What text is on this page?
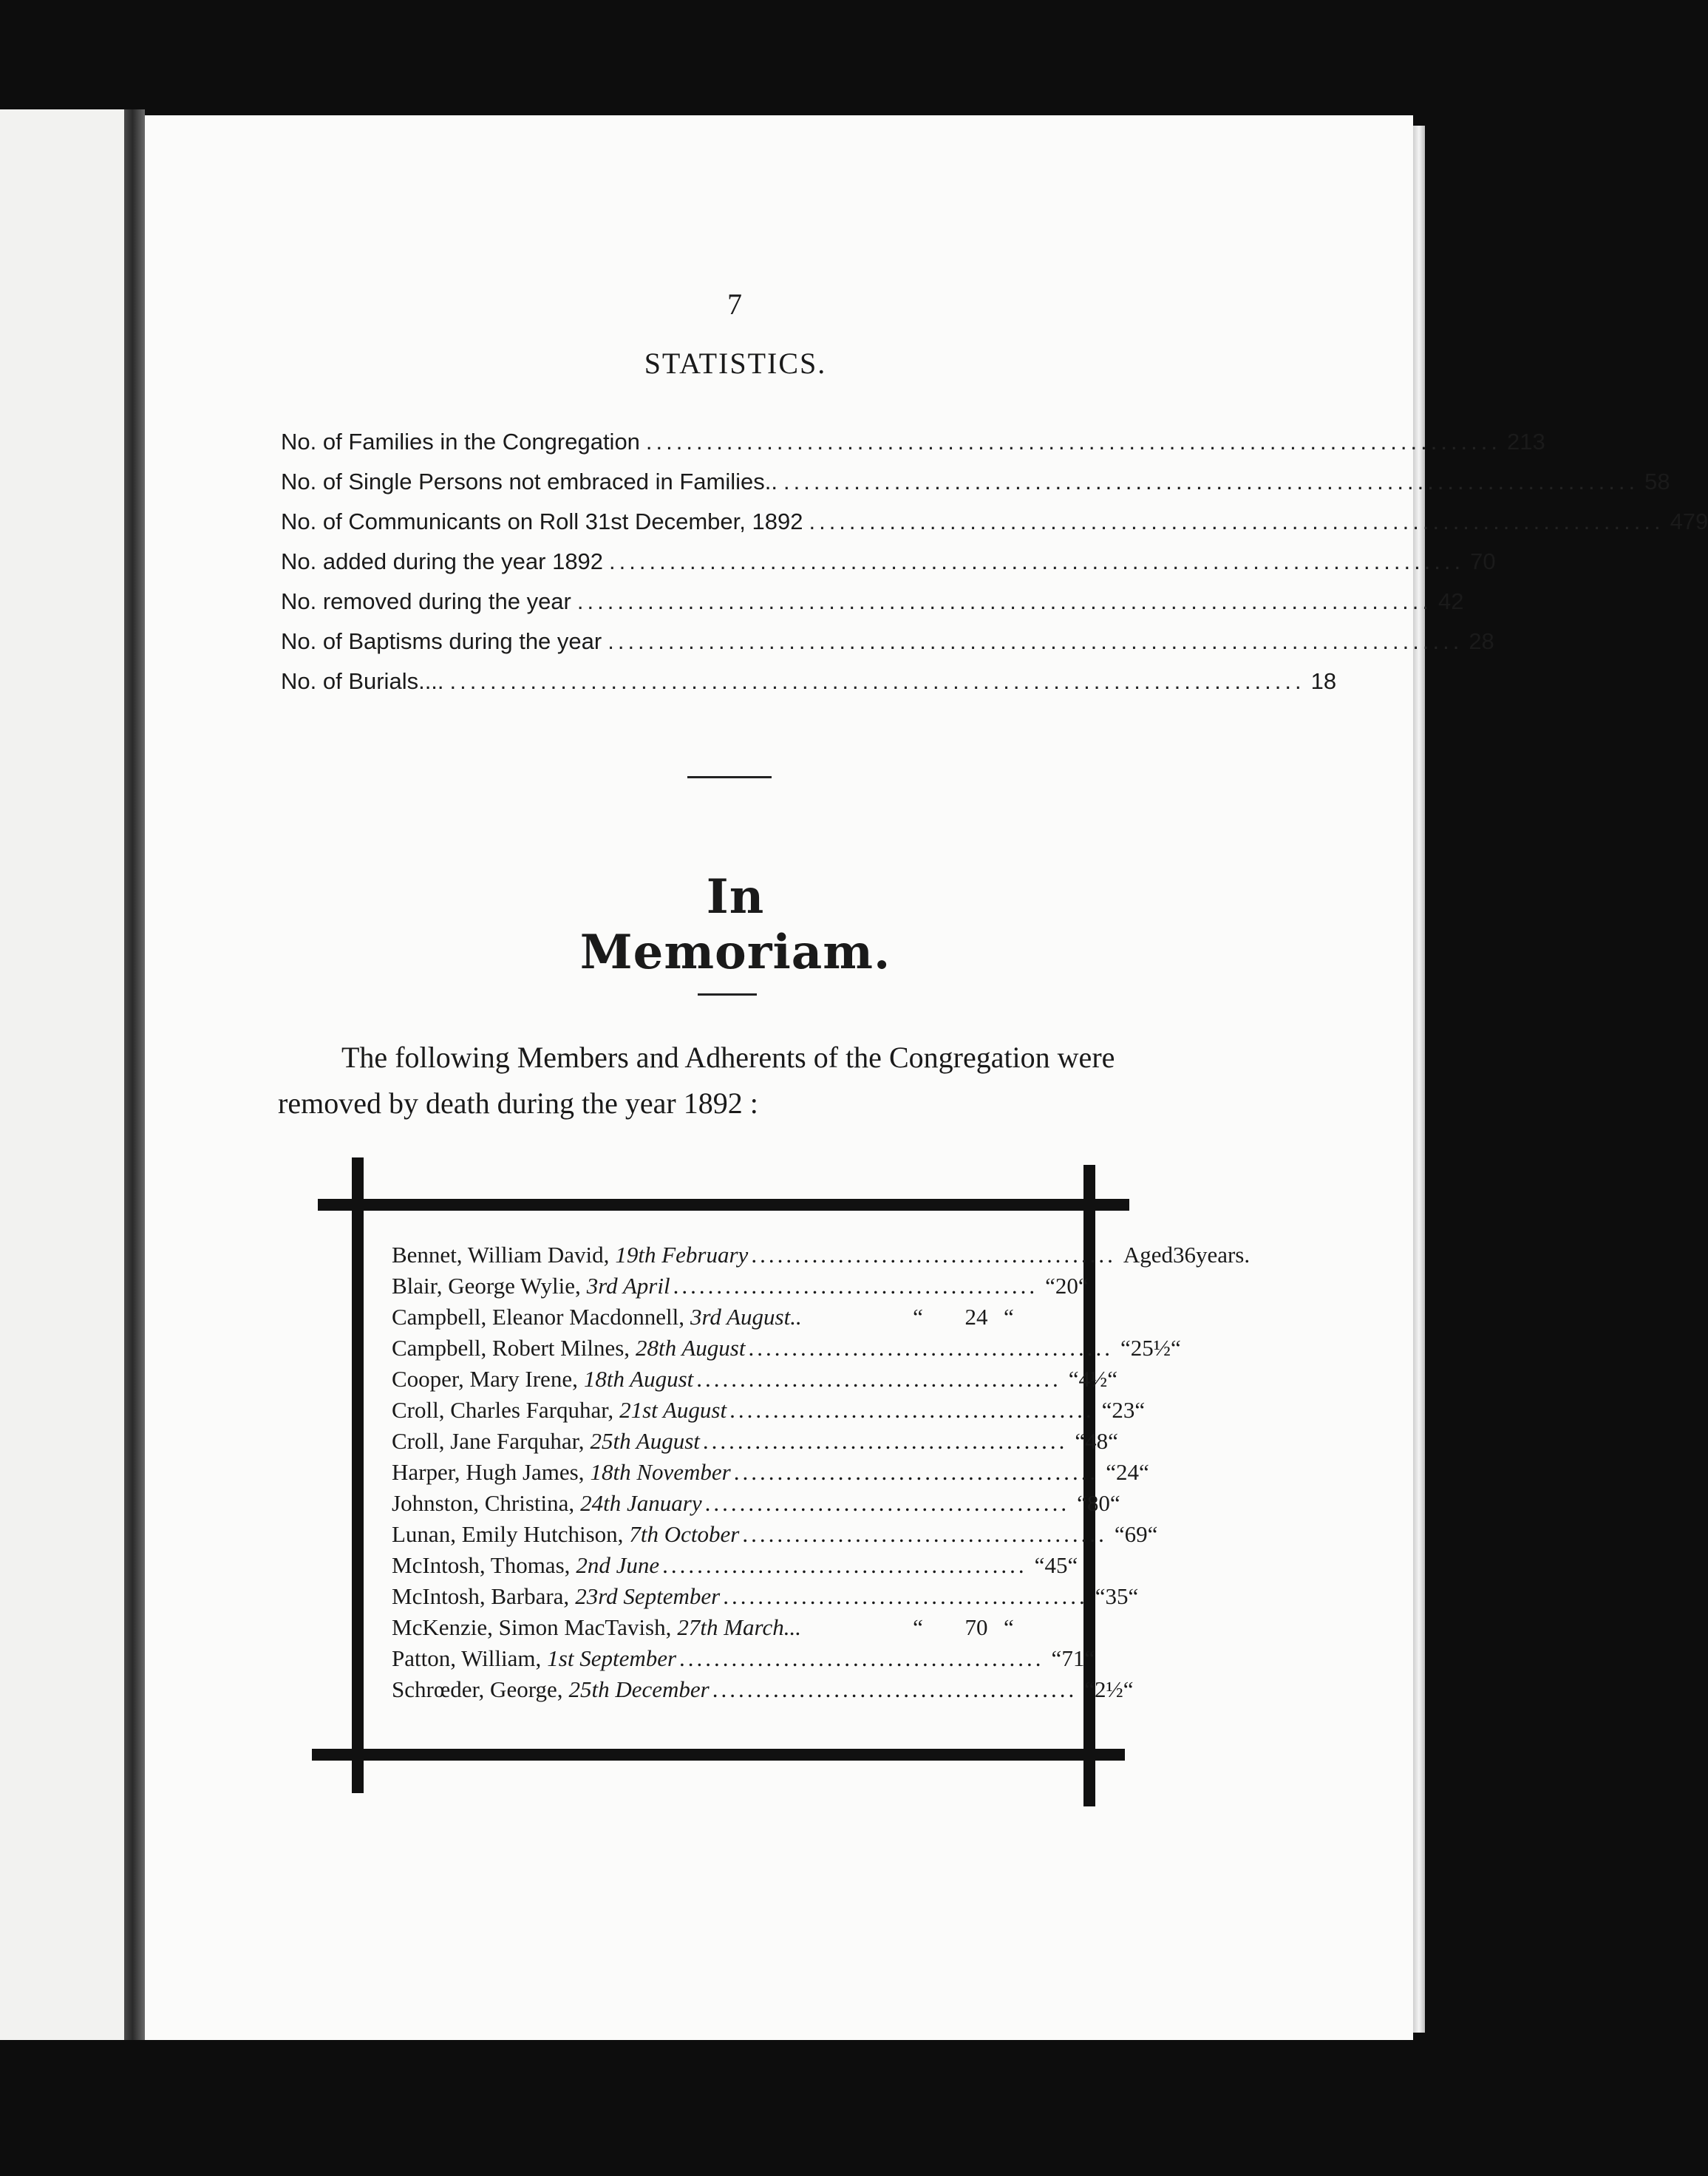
7
STATISTICS.
No. of Families in the Congregation ..................................................................................... 213
No. of Single Persons not embraced in Families.. ..................................................................................... 58
No. of Communicants on Roll 31st December, 1892 ..................................................................................... 479
No. added during the year 1892 ..................................................................................... 70
No. removed during the year ..................................................................................... 42
No. of Baptisms during the year ..................................................................................... 28
No. of Burials.... ..................................................................................... 18
In Memoriam.
The following Members and Adherents of the Congregation were removed by death during the year 1892 :
Bennet, William David, 19th February .......................................... Aged 36 years.
Blair, George Wylie, 3rd April .......................................... “ 20 “
Campbell, Eleanor Macdonnell, 3rd August..	“	24 “
Campbell, Robert Milnes, 28th August .......................................... “ 25½ “
Cooper, Mary Irene, 18th August .......................................... “ 4½ “
Croll, Charles Farquhar, 21st August .......................................... “ 23 “
Croll, Jane Farquhar, 25th August .......................................... “ 48 “
Harper, Hugh James, 18th November .......................................... “ 24 “
Johnston, Christina, 24th January .......................................... “ 80 “
Lunan, Emily Hutchison, 7th October .......................................... “ 69 “
McIntosh, Thomas, 2nd June .......................................... “ 45 “
McIntosh, Barbara, 23rd September .......................................... “ 35 “
McKenzie, Simon MacTavish, 27th March...	“	70 “
Patton, William, 1st September .......................................... “ 71 “
Schrœder, George, 25th December .......................................... “ 2½ “
